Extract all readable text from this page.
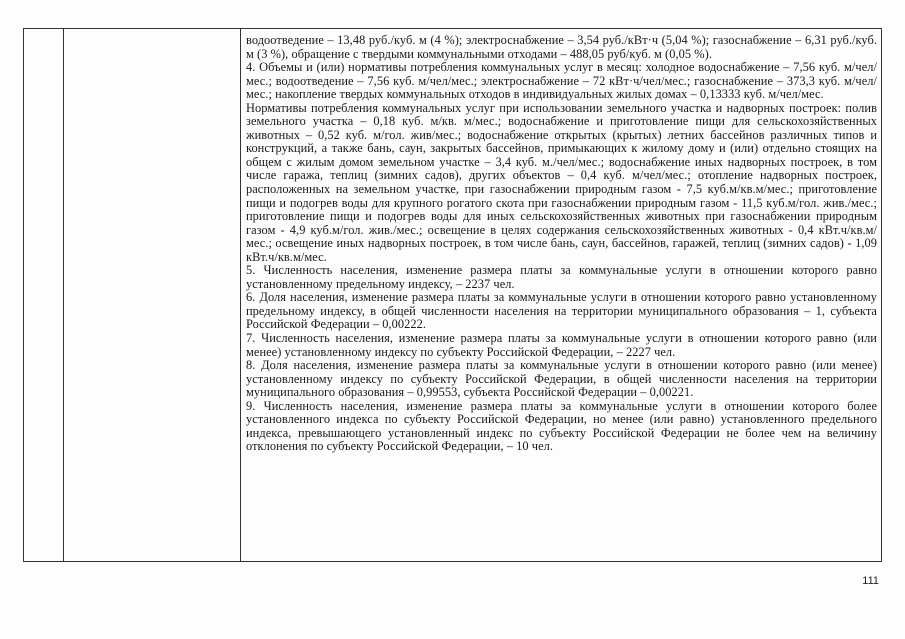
водоотведение – 13,48 руб./куб. м (4 %); электроснабжение – 3,54 руб./кВт·ч (5,04 %); газоснабжение – 6,31 руб./куб. м (3 %), обращение с твердыми коммунальными отходами – 488,05 руб/куб. м (0,05 %).

4. Объемы и (или) нормативы потребления коммунальных услуг в месяц: холодное водоснабжение – 7,56 куб. м/чел/мес.; водоотведение – 7,56 куб. м/чел/мес.; электроснабжение – 72 кВт·ч/чел/мес.; газоснабжение – 373,3 куб. м/чел/мес.; накопление твердых коммунальных отходов в индивидуальных жилых домах – 0,13333 куб. м/чел/мес.

Нормативы потребления коммунальных услуг при использовании земельного участка и надворных построек: полив земельного участка – 0,18 куб. м/кв. м/мес.; водоснабжение и приготовление пищи для сельскохозяйственных животных – 0,52 куб. м/гол. жив/мес.; водоснабжение открытых (крытых) летних бассейнов различных типов и конструкций, а также бань, саун, закрытых бассейнов, примыкающих к жилому дому и (или) отдельно стоящих на общем с жилым домом земельном участке – 3,4 куб. м./чел/мес.; водоснабжение иных надворных построек, в том числе гаража, теплиц (зимних садов), других объектов – 0,4 куб. м/чел/мес.; отопление надворных построек, расположенных на земельном участке, при газоснабжении природным газом - 7,5 куб.м/кв.м/мес.; приготовление пищи и подогрев воды для крупного рогатого скота при газоснабжении природным газом - 11,5 куб.м/гол. жив./мес.; приготовление пищи и подогрев воды для иных сельскохозяйственных животных при газоснабжении природным газом - 4,9 куб.м/гол. жив./мес.; освещение в целях содержания сельскохозяйственных животных - 0,4 кВт.ч/кв.м/мес.; освещение иных надворных построек, в том числе бань, саун, бассейнов, гаражей, теплиц (зимних садов) - 1,09 кВт.ч/кв.м/мес.

5. Численность населения, изменение размера платы за коммунальные услуги в отношении которого равно установленному предельному индексу, – 2237 чел.

6. Доля населения, изменение размера платы за коммунальные услуги в отношении которого равно установленному предельному индексу, в общей численности населения на территории муниципального образования – 1, субъекта Российской Федерации – 0,00222.

7. Численность населения, изменение размера платы за коммунальные услуги в отношении которого равно (или менее) установленному индексу по субъекту Российской Федерации, – 2227 чел.

8. Доля населения, изменение размера платы за коммунальные услуги в отношении которого равно (или менее) установленному индексу по субъекту Российской Федерации, в общей численности населения на территории муниципального образования – 0,99553, субъекта Российской Федерации – 0,00221.

9. Численность населения, изменение размера платы за коммунальные услуги в отношении которого более установленного индекса по субъекту Российской Федерации, но менее (или равно) установленного предельного индекса, превышающего установленный индекс по субъекту Российской Федерации не более чем на величину отклонения по субъекту Российской Федерации, – 10 чел.

111
